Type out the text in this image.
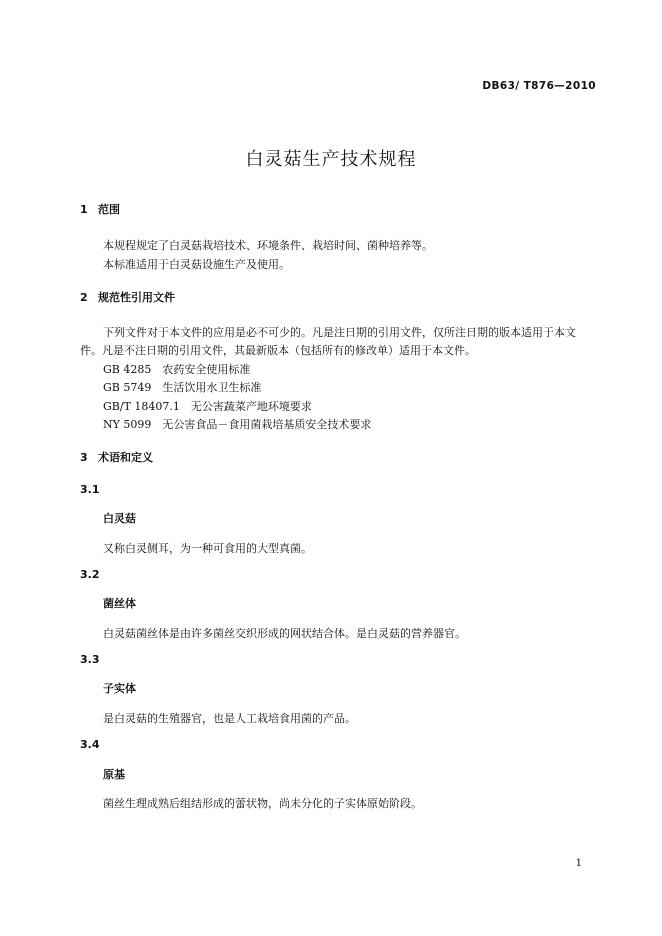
DB63/ T876—2010
白灵菇生产技术规程
1 范围
本规程规定了白灵菇栽培技术、环境条件、栽培时间、菌种培养等。
本标准适用于白灵菇设施生产及使用。
2 规范性引用文件
下列文件对于本文件的应用是必不可少的。凡是注日期的引用文件，仅所注日期的版本适用于本文
件。凡是不注日期的引用文件，其最新版本（包括所有的修改单）适用于本文件。
GB 4285　农药安全使用标准
GB 5749　生活饮用水卫生标准
GB/T 18407.1　无公害蔬菜产地环境要求
NY 5099　无公害食品－食用菌栽培基质安全技术要求
3 术语和定义
3.1
白灵菇
又称白灵侧耳，为一种可食用的大型真菌。
3.2
菌丝体
白灵菇菌丝体是由许多菌丝交织形成的网状结合体。是白灵菇的营养器官。
3.3
子实体
是白灵菇的生殖器官，也是人工栽培食用菌的产品。
3.4
原基
菌丝生理成熟后组结形成的蕾状物，尚未分化的子实体原始阶段。
1
